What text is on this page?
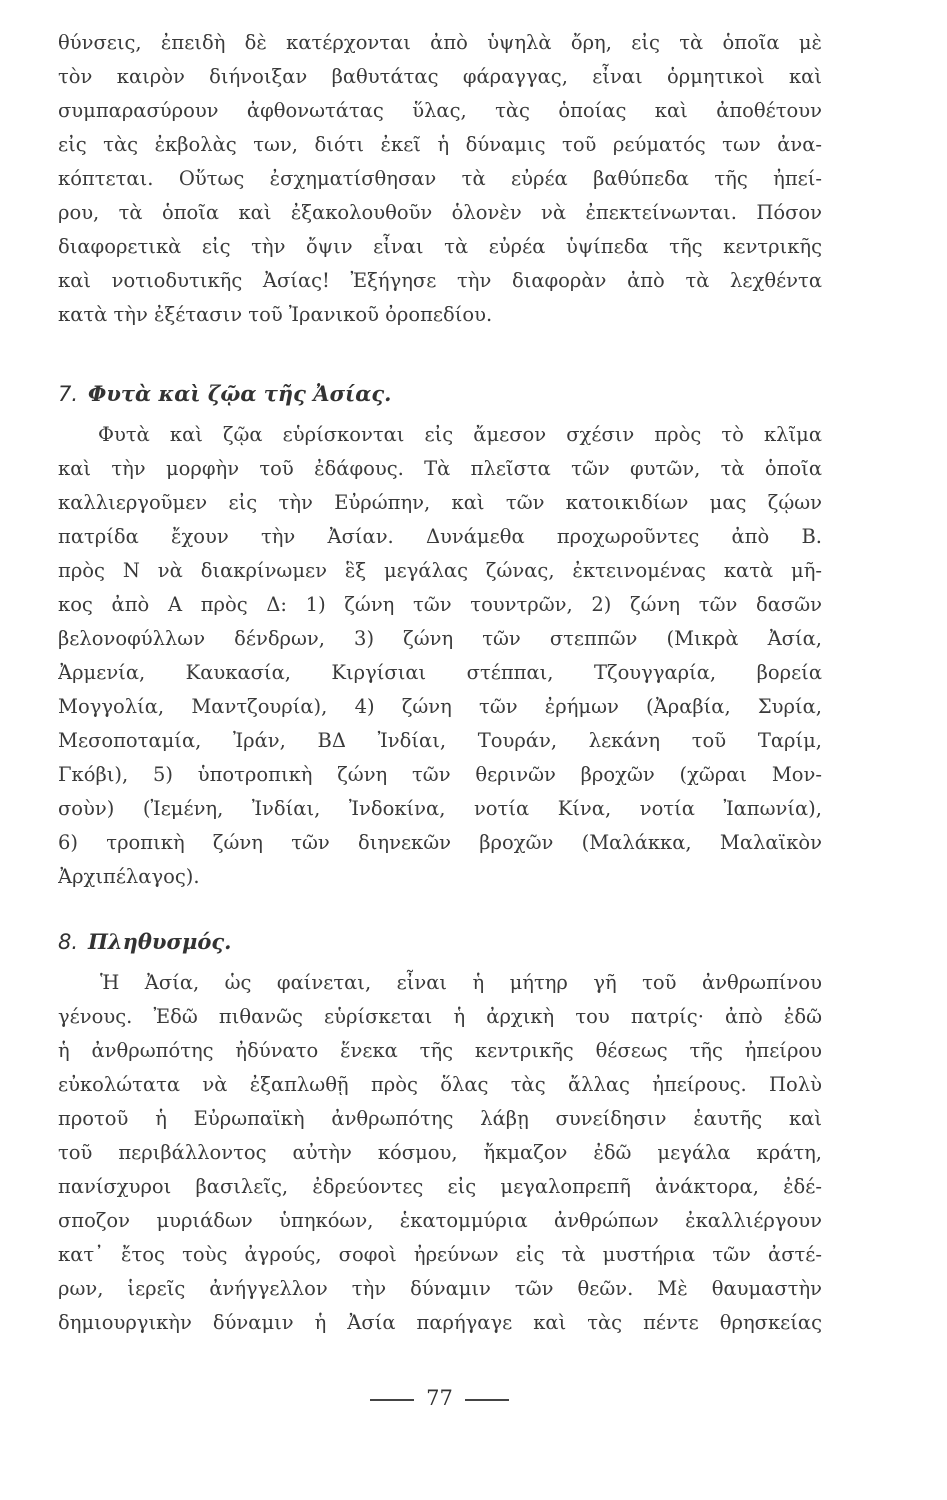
θύνσεις, ἐπειδὴ δὲ κατέρχονται ἀπὸ ὑψηλὰ ὄρη, εἰς τὰ ὁποῖα μὲ
τὸν καιρὸν διήνοιξαν βαθυτάτας φάραγγας, εἶναι ὁρμητικοὶ καὶ
συμπαρασύρουν ἀφθονωτάτας ὕλας, τὰς ὁποίας καὶ ἀποθέτουν
εἰς τὰς ἐκβολὰς των, διότι ἐκεῖ ἡ δύναμις τοῦ ρεύματός των ἀνα-
κόπτεται. Οὕτως ἐσχηματίσθησαν τὰ εὐρέα βαθύπεδα τῆς ἠπεί-
ρου, τὰ ὁποῖα καὶ ἐξακολουθοῦν ὁλονὲν νὰ ἐπεκτείνωνται. Πόσον
διαφορετικὰ εἰς τὴν ὄψιν εἶναι τὰ εὐρέα ὑψίπεδα τῆς κεντρικῆς
καὶ νοτιοδυτικῆς Ἀσίας! Ἐξήγησε τὴν διαφορὰν ἀπὸ τὰ λεχθέντα
κατὰ τὴν ἐξέτασιν τοῦ Ἰρανικοῦ ὀροπεδίου.
7. Φυτὰ καὶ ζῷα τῆς Ἀσίας.
Φυτὰ καὶ ζῷα εὑρίσκονται εἰς ἄμεσον σχέσιν πρὸς τὸ κλῖμα
καὶ τὴν μορφὴν τοῦ ἐδάφους. Τὰ πλεῖστα τῶν φυτῶν, τὰ ὁποῖα
καλλιεργοῦμεν εἰς τὴν Εὐρώπην, καὶ τῶν κατοικιδίων μας ζῴων
πατρίδα ἔχουν τὴν Ἀσίαν. Δυνάμεθα προχωροῦντες ἀπὸ Β.
πρὸς Ν νὰ διακρίνωμεν ἓξ μεγάλας ζώνας, ἐκτεινομένας κατὰ μῆ-
κος ἀπὸ Α πρὸς Δ: 1) ζώνη τῶν τουντρῶν, 2) ζώνη τῶν δασῶν
βελονοφύλλων δένδρων, 3) ζώνη τῶν στεππῶν (Μικρὰ Ἀσία,
Ἀρμενία, Καυκασία, Κιργίσιαι στέππαι, Τζουγγαρία, βορεία
Μογγολία, Μαντζουρία), 4) ζώνη τῶν ἐρήμων (Ἀραβία, Συρία,
Μεσοποταμία, Ἰράν, ΒΔ Ἰνδίαι, Τουράν, λεκάνη τοῦ Ταρίμ,
Γκόβι), 5) ὑποτροπικὴ ζώνη τῶν θερινῶν βροχῶν (χῶραι Μον-
σοὺν) (Ἰεμένη, Ἰνδίαι, Ἰνδοκίνα, νοτία Κίνα, νοτία Ἰαπωνία),
6) τροπικὴ ζώνη τῶν διηνεκῶν βροχῶν (Μαλάκκα, Μαλαϊκὸν
Ἀρχιπέλαγος).
8. Πληθυσμός.
Ἡ Ἀσία, ὡς φαίνεται, εἶναι ἡ μήτηρ γῆ τοῦ ἀνθρωπίνου
γένους. Ἐδῶ πιθανῶς εὑρίσκεται ἡ ἀρχικὴ του πατρίς· ἀπὸ ἐδῶ
ἡ ἀνθρωπότης ἠδύνατο ἕνεκα τῆς κεντρικῆς θέσεως τῆς ἠπείρου
εὐκολώτατα νὰ ἐξαπλωθῇ πρὸς ὅλας τὰς ἄλλας ἠπείρους. Πολὺ
προτοῦ ἡ Εὐρωπαϊκὴ ἀνθρωπότης λάβῃ συνείδησιν ἑαυτῆς καὶ
τοῦ περιβάλλοντος αὐτὴν κόσμου, ἤκμαζον ἐδῶ μεγάλα κράτη,
πανίσχυροι βασιλεῖς, ἐδρεύοντες εἰς μεγαλοπρεπῆ ἀνάκτορα, ἐδέ-
σποζον μυριάδων ὑπηκόων, ἑκατομμύρια ἀνθρώπων ἐκαλλιέργουν
κατ᾽ ἔτος τοὺς ἀγρούς, σοφοὶ ἠρεύνων εἰς τὰ μυστήρια τῶν ἀστέ-
ρων, ἱερεῖς ἀνήγγελλον τὴν δύναμιν τῶν θεῶν. Μὲ θαυμαστὴν
δημιουργικὴν δύναμιν ἡ Ἀσία παρήγαγε καὶ τὰς πέντε θρησκείας
77
